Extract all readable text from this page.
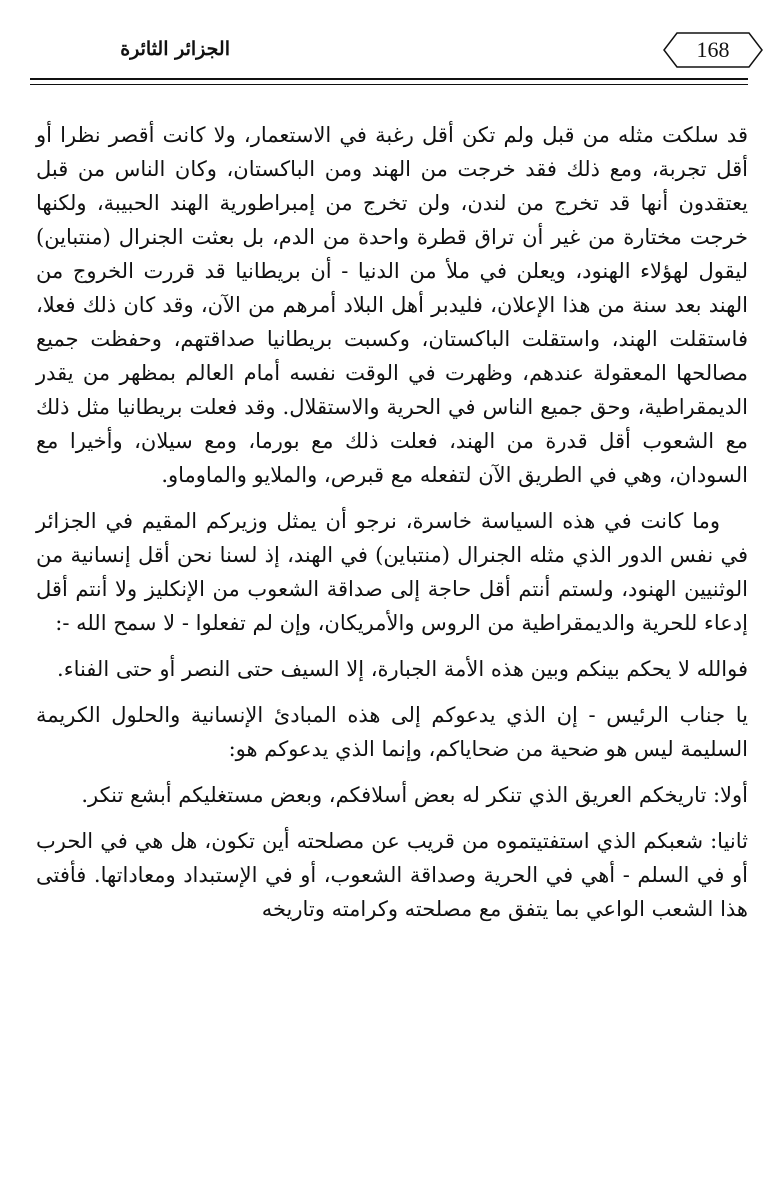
168
الجزائر الثائرة

قد سلكت مثله من قبل ولم تكن أقل رغبة في الاستعمار، ولا كانت أقصر نظرا أو أقل تجربة، ومع ذلك فقد خرجت من الهند ومن الباكستان، وكان الناس من قبل يعتقدون أنها قد تخرج من لندن، ولن تخرج من إمبراطورية الهند الحبيبة، ولكنها خرجت مختارة من غير أن تراق قطرة واحدة من الدم، بل بعثت الجنرال (منتباين) ليقول لهؤلاء الهنود، ويعلن في ملأ من الدنيا - أن بريطانيا قد قررت الخروج من الهند بعد سنة من هذا الإعلان، فليدبر أهل البلاد أمرهم من الآن، وقد كان ذلك فعلا، فاستقلت الهند، واستقلت الباكستان، وكسبت بريطانيا صداقتهم، وحفظت جميع مصالحها المعقولة عندهم، وظهرت في الوقت نفسه أمام العالم بمظهر من يقدر الديمقراطية، وحق جميع الناس في الحرية والاستقلال. وقد فعلت بريطانيا مثل ذلك مع الشعوب أقل قدرة من الهند، فعلت ذلك مع بورما، ومع سيلان، وأخيرا مع السودان، وهي في الطريق الآن لتفعله مع قبرص، والملايو والماوماو.

وما كانت في هذه السياسة خاسرة، نرجو أن يمثل وزيركم المقيم في الجزائر في نفس الدور الذي مثله الجنرال (منتباين) في الهند، إذ لسنا نحن أقل إنسانية من الوثنيين الهنود، ولستم أنتم أقل حاجة إلى صداقة الشعوب من الإنكليز ولا أنتم أقل إدعاء للحرية والديمقراطية من الروس والأمريكان، وإن لم تفعلوا - لا سمح الله -:

فوالله لا يحكم بينكم وبين هذه الأمة الجبارة، إلا السيف حتى النصر أو حتى الفناء.

يا جناب الرئيس - إن الذي يدعوكم إلى هذه المبادئ الإنسانية والحلول الكريمة السليمة ليس هو ضحية من ضحاياكم، وإنما الذي يدعوكم هو:

أولا: تاريخكم العريق الذي تنكر له بعض أسلافكم، وبعض مستغليكم أبشع تنكر.

ثانيا: شعبكم الذي استفتيتموه من قريب عن مصلحته أين تكون، هل هي في الحرب أو في السلم - أهي في الحرية وصداقة الشعوب، أو في الإستبداد ومعاداتها. فأفتى هذا الشعب الواعي بما يتفق مع مصلحته وكرامته وتاريخه
